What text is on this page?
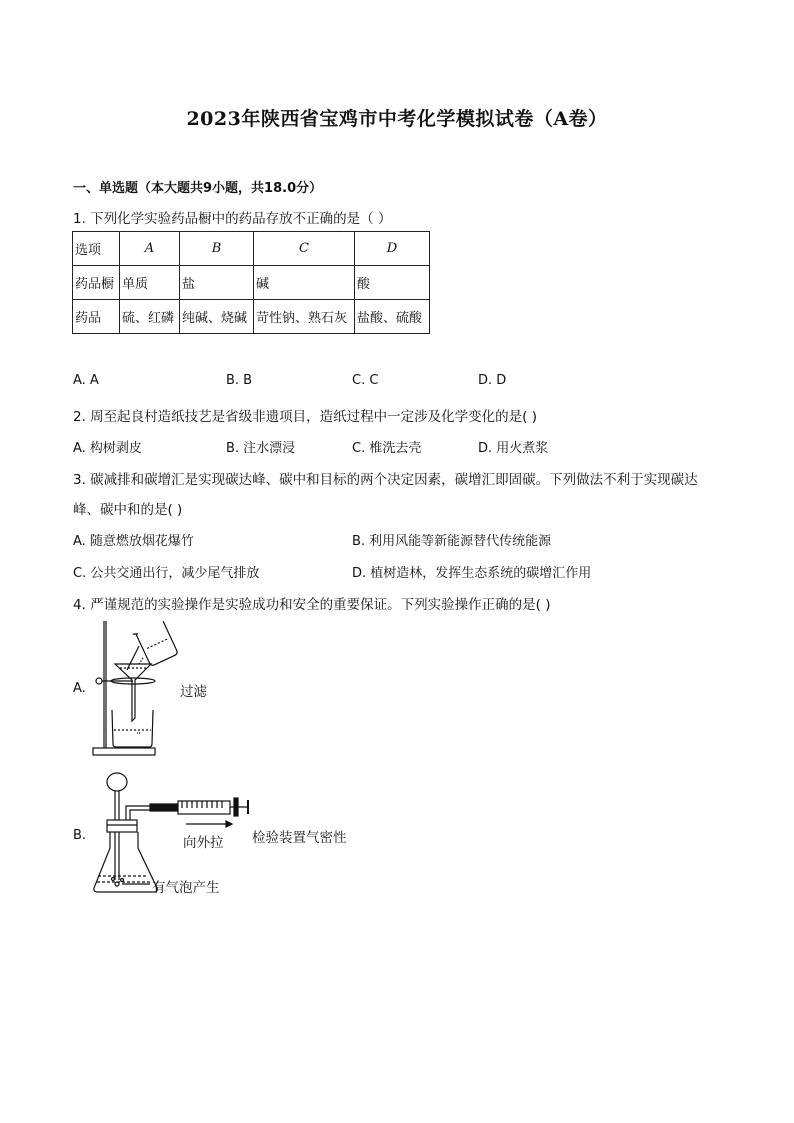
2023年陕西省宝鸡市中考化学模拟试卷（A卷）
一、单选题（本大题共9小题，共18.0分）
1. 下列化学实验药品橱中的药品存放不正确的是（ ）
选项	A	B	C	D
药品橱	单质	盐	碱	酸
药品	硫、红磷	纯碱、烧碱	苛性钠、熟石灰	盐酸、硫酸
A. A	B. B	C. C	D. D
2. 周至起良村造纸技艺是省级非遗项目，造纸过程中一定涉及化学变化的是( )
A. 构树剥皮	B. 注水漂浸	C. 椎洗去壳	D. 用火煮浆
3. 碳减排和碳增汇是实现碳达峰、碳中和目标的两个决定因素，碳增汇即固碳。下列做法不利于实现碳达
峰、碳中和的是( )
A. 随意燃放烟花爆竹	B. 利用风能等新能源替代传统能源
C. 公共交通出行，减少尾气排放	D. 植树造林，发挥生态系统的碳增汇作用
4. 严谨规范的实验操作是实验成功和安全的重要保证。下列实验操作正确的是( )
A.	过滤
B.	向外拉 检验装置气密性
有气泡产生
